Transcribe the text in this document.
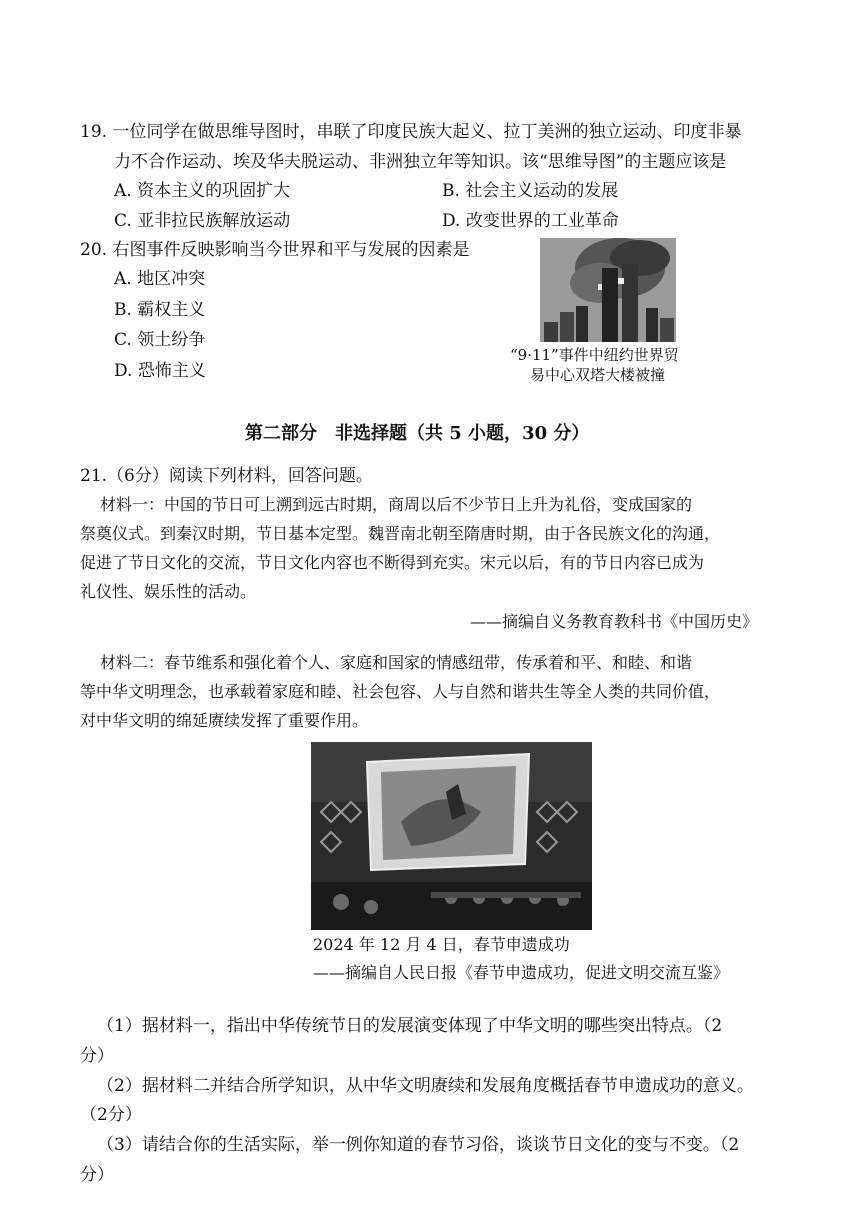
19. 一位同学在做思维导图时，串联了印度民族大起义、拉丁美洲的独立运动、印度非暴
力不合作运动、埃及华夫脱运动、非洲独立年等知识。该“思维导图”的主题应该是
A. 资本主义的巩固扩大	B. 社会主义运动的发展
C. 亚非拉民族解放运动	D. 改变世界的工业革命
20. 右图事件反映影响当今世界和平与发展的因素是
A. 地区冲突
B. 霸权主义
C. 领土纷争
D. 恐怖主义
“9·11”事件中纽约世界贸
易中心双塔大楼被撞
第二部分　非选择题（共 5 小题，30 分）
21.（6分）阅读下列材料，回答问题。
材料一：中国的节日可上溯到远古时期，商周以后不少节日上升为礼俗，变成国家的
祭奠仪式。到秦汉时期，节日基本定型。魏晋南北朝至隋唐时期，由于各民族文化的沟通，
促进了节日文化的交流，节日文化内容也不断得到充实。宋元以后，有的节日内容已成为
礼仪性、娱乐性的活动。
——摘编自义务教育教科书《中国历史》
材料二：春节维系和强化着个人、家庭和国家的情感纽带，传承着和平、和睦、和谐
等中华文明理念，也承载着家庭和睦、社会包容、人与自然和谐共生等全人类的共同价值，
对中华文明的绵延赓续发挥了重要作用。
2024 年 12 月 4 日，春节申遗成功
——摘编自人民日报《春节申遗成功，促进文明交流互鉴》
（1）据材料一，指出中华传统节日的发展演变体现了中华文明的哪些突出特点。（2
分）
（2）据材料二并结合所学知识，从中华文明赓续和发展角度概括春节申遗成功的意义。
（2分）
（3）请结合你的生活实际，举一例你知道的春节习俗，谈谈节日文化的变与不变。（2
分）
